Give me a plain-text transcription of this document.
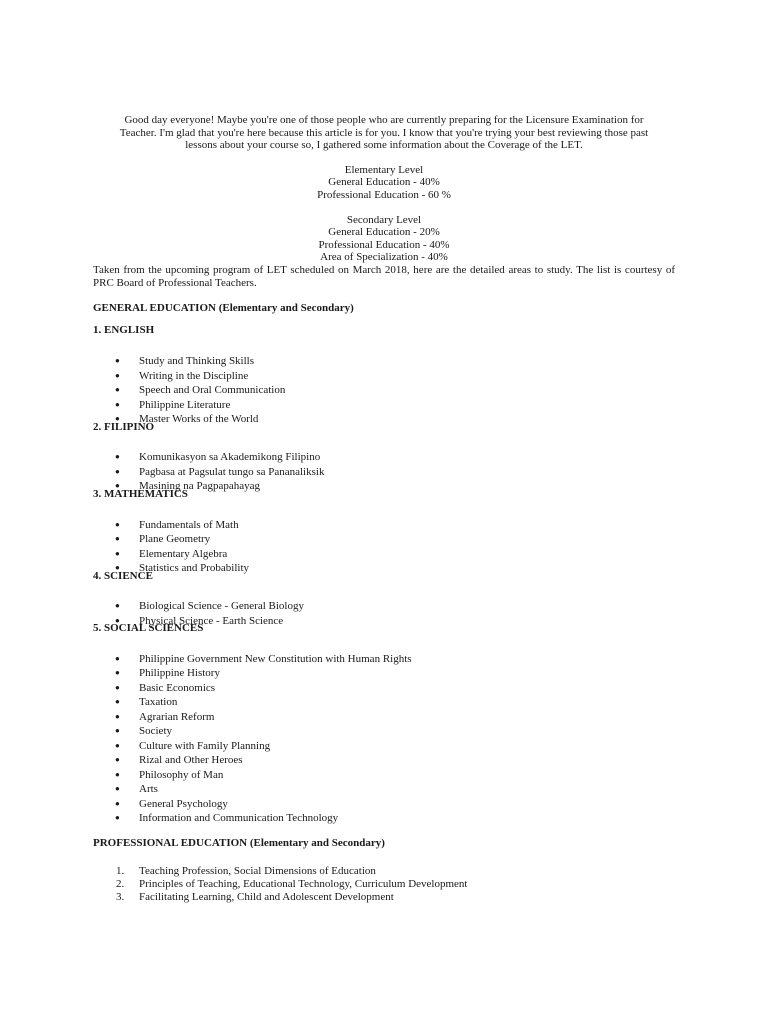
Good day everyone! Maybe you're one of those people who are currently preparing for the Licensure Examination for
Teacher. I'm glad that you're here because this article is for you. I know that you're trying your best reviewing those past
lessons about your course so, I gathered some information about the Coverage of the LET.
Elementary Level
General Education - 40%
Professional Education - 60 %
Secondary Level
General Education - 20%
Professional Education - 40%
Area of Specialization - 40%

Taken from the upcoming program of LET scheduled on March 2018, here are the detailed areas to study. The list is courtesy of PRC Board of Professional Teachers.

GENERAL EDUCATION (Elementary and Secondary)

1. ENGLISH

● Study and Thinking Skills
● Writing in the Discipline
● Speech and Oral Communication
● Philippine Literature
● Master Works of the World

2. FILIPINO

● Komunikasyon sa Akademikong Filipino
● Pagbasa at Pagsulat tungo sa Pananaliksik
● Masining na Pagpapahayag

3. MATHEMATICS

● Fundamentals of Math
● Plane Geometry
● Elementary Algebra
● Statistics and Probability

4. SCIENCE

● Biological Science - General Biology
● Physical Science - Earth Science

5. SOCIAL SCIENCES

● Philippine Government New Constitution with Human Rights
● Philippine History
● Basic Economics
● Taxation
● Agrarian Reform
● Society
● Culture with Family Planning
● Rizal and Other Heroes
● Philosophy of Man
● Arts
● General Psychology
● Information and Communication Technology

PROFESSIONAL EDUCATION (Elementary and Secondary)

1. Teaching Profession, Social Dimensions of Education
2. Principles of Teaching, Educational Technology, Curriculum Development
3. Facilitating Learning, Child and Adolescent Development
